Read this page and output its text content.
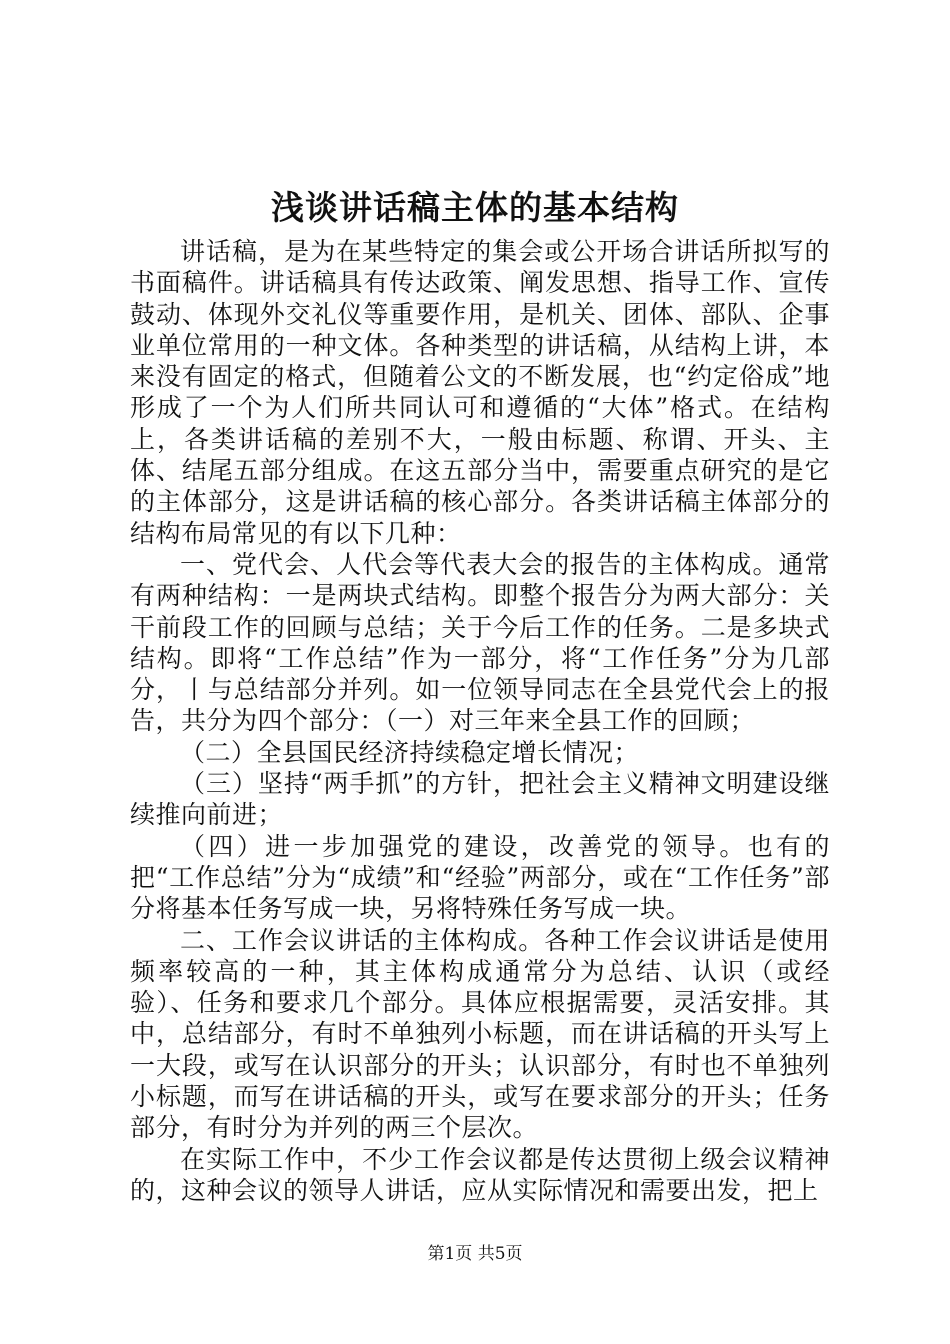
浅谈讲话稿主体的基本结构

讲话稿，是为在某些特定的集会或公开场合讲话所拟写的书面稿件。讲话稿具有传达政策、阐发思想、指导工作、宣传鼓动、体现外交礼仪等重要作用，是机关、团体、部队、企事业单位常用的一种文体。各种类型的讲话稿，从结构上讲，本来没有固定的格式，但随着公文的不断发展，也“约定俗成”地形成了一个为人们所共同认可和遵循的“大体”格式。在结构上，各类讲话稿的差别不大，一般由标题、称谓、开头、主体、结尾五部分组成。在这五部分当中，需要重点研究的是它的主体部分，这是讲话稿的核心部分。各类讲话稿主体部分的结构布局常见的有以下几种：

一、党代会、人代会等代表大会的报告的主体构成。通常有两种结构：一是两块式结构。即整个报告分为两大部分：关干前段工作的回顾与总结；关于今后工作的任务。二是多块式结构。即将“工作总结”作为一部分，将“工作任务”分为几部分，丨与总结部分并列。如一位领导同志在全县党代会上的报告，共分为四个部分：（一）对三年来全县工作的回顾；

（二）全县国民经济持续稳定增长情况；

（三）坚持“两手抓”的方针，把社会主义精神文明建设继续推向前进；

（四）进一步加强党的建设，改善党的领导。也有的把“工作总结”分为“成绩”和“经验”两部分，或在“工作任务”部分将基本任务写成一块，另将特殊任务写成一块。

二、工作会议讲话的主体构成。各种工作会议讲话是使用频率较高的一种，其主体构成通常分为总结、认识（或经验）、任务和要求几个部分。具体应根据需要，灵活安排。其中，总结部分，有时不单独列小标题，而在讲话稿的开头写上一大段，或写在认识部分的开头；认识部分，有时也不单独列小标题，而写在讲话稿的开头，或写在要求部分的开头；任务部分，有时分为并列的两三个层次。

在实际工作中，不少工作会议都是传达贯彻上级会议精神的，这种会议的领导人讲话，应从实际情况和需要出发，把上

第1页 共5页
